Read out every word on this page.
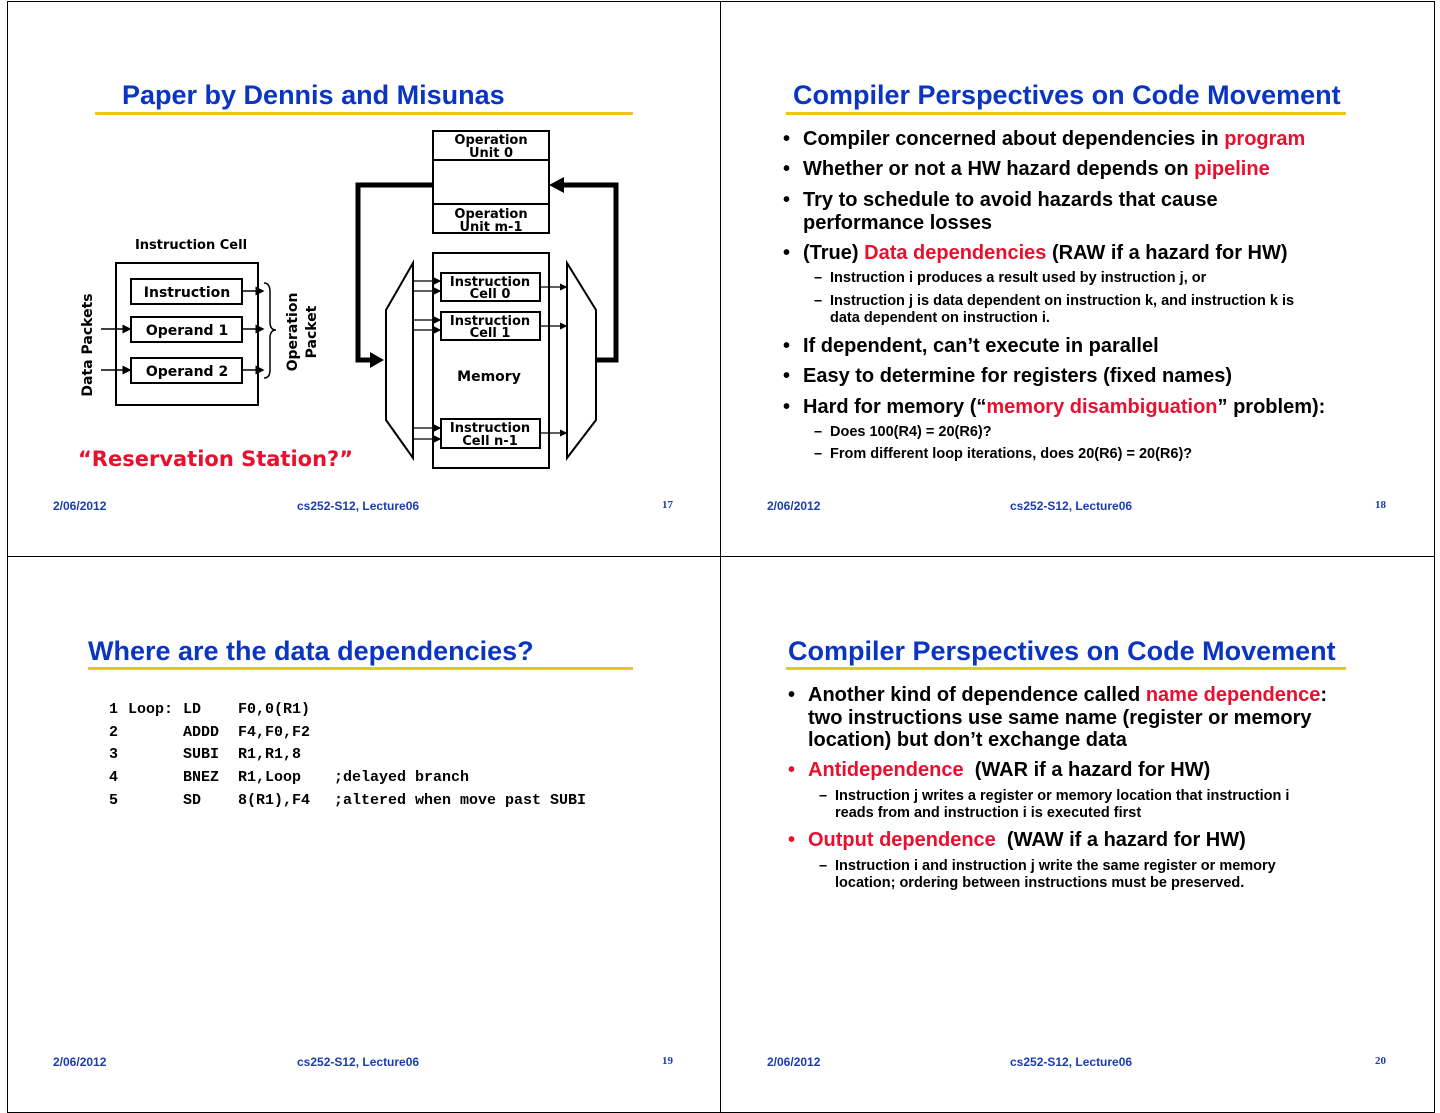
Paper by Dennis and Misunas
Operation
Unit 0
Operation
Unit m-1
Memory
Instruction
Cell 0
Instruction
Cell 1
Instruction
Cell n-1
Instruction Cell
Instruction
Operand 1
Operand 2
Operation Packet
Data Packets
“Reservation Station?”
2/06/2012	cs252-S12, Lecture06	17
Compiler Perspectives on Code Movement
• Compiler concerned about dependencies in program
• Whether or not a HW hazard depends on pipeline
• Try to schedule to avoid hazards that cause
performance losses
• (True) Data dependencies (RAW if a hazard for HW)
– Instruction i produces a result used by instruction j, or
– Instruction j is data dependent on instruction k, and instruction k is
data dependent on instruction i.
• If dependent, can’t execute in parallel
• Easy to determine for registers (fixed names)
• Hard for memory (“memory disambiguation” problem):
– Does 100(R4) = 20(R6)?
– From different loop iterations, does 20(R6) = 20(R6)?
2/06/2012	cs252-S12, Lecture06	18
Where are the data dependencies?
1 Loop: LD F0,0(R1)
2	ADDD F4,F0,F2
3	SUBI R1,R1,8
4	BNEZ R1,Loop ;delayed branch
5	SD 8(R1),F4 ;altered when move past SUBI
2/06/2012	cs252-S12, Lecture06	19
Compiler Perspectives on Code Movement
• Another kind of dependence called name dependence:
two instructions use same name (register or memory
location) but don’t exchange data
• Antidependence  (WAR if a hazard for HW)
– Instruction j writes a register or memory location that instruction i
reads from and instruction i is executed first
• Output dependence  (WAW if a hazard for HW)
– Instruction i and instruction j write the same register or memory
location; ordering between instructions must be preserved.
2/06/2012	cs252-S12, Lecture06	20
